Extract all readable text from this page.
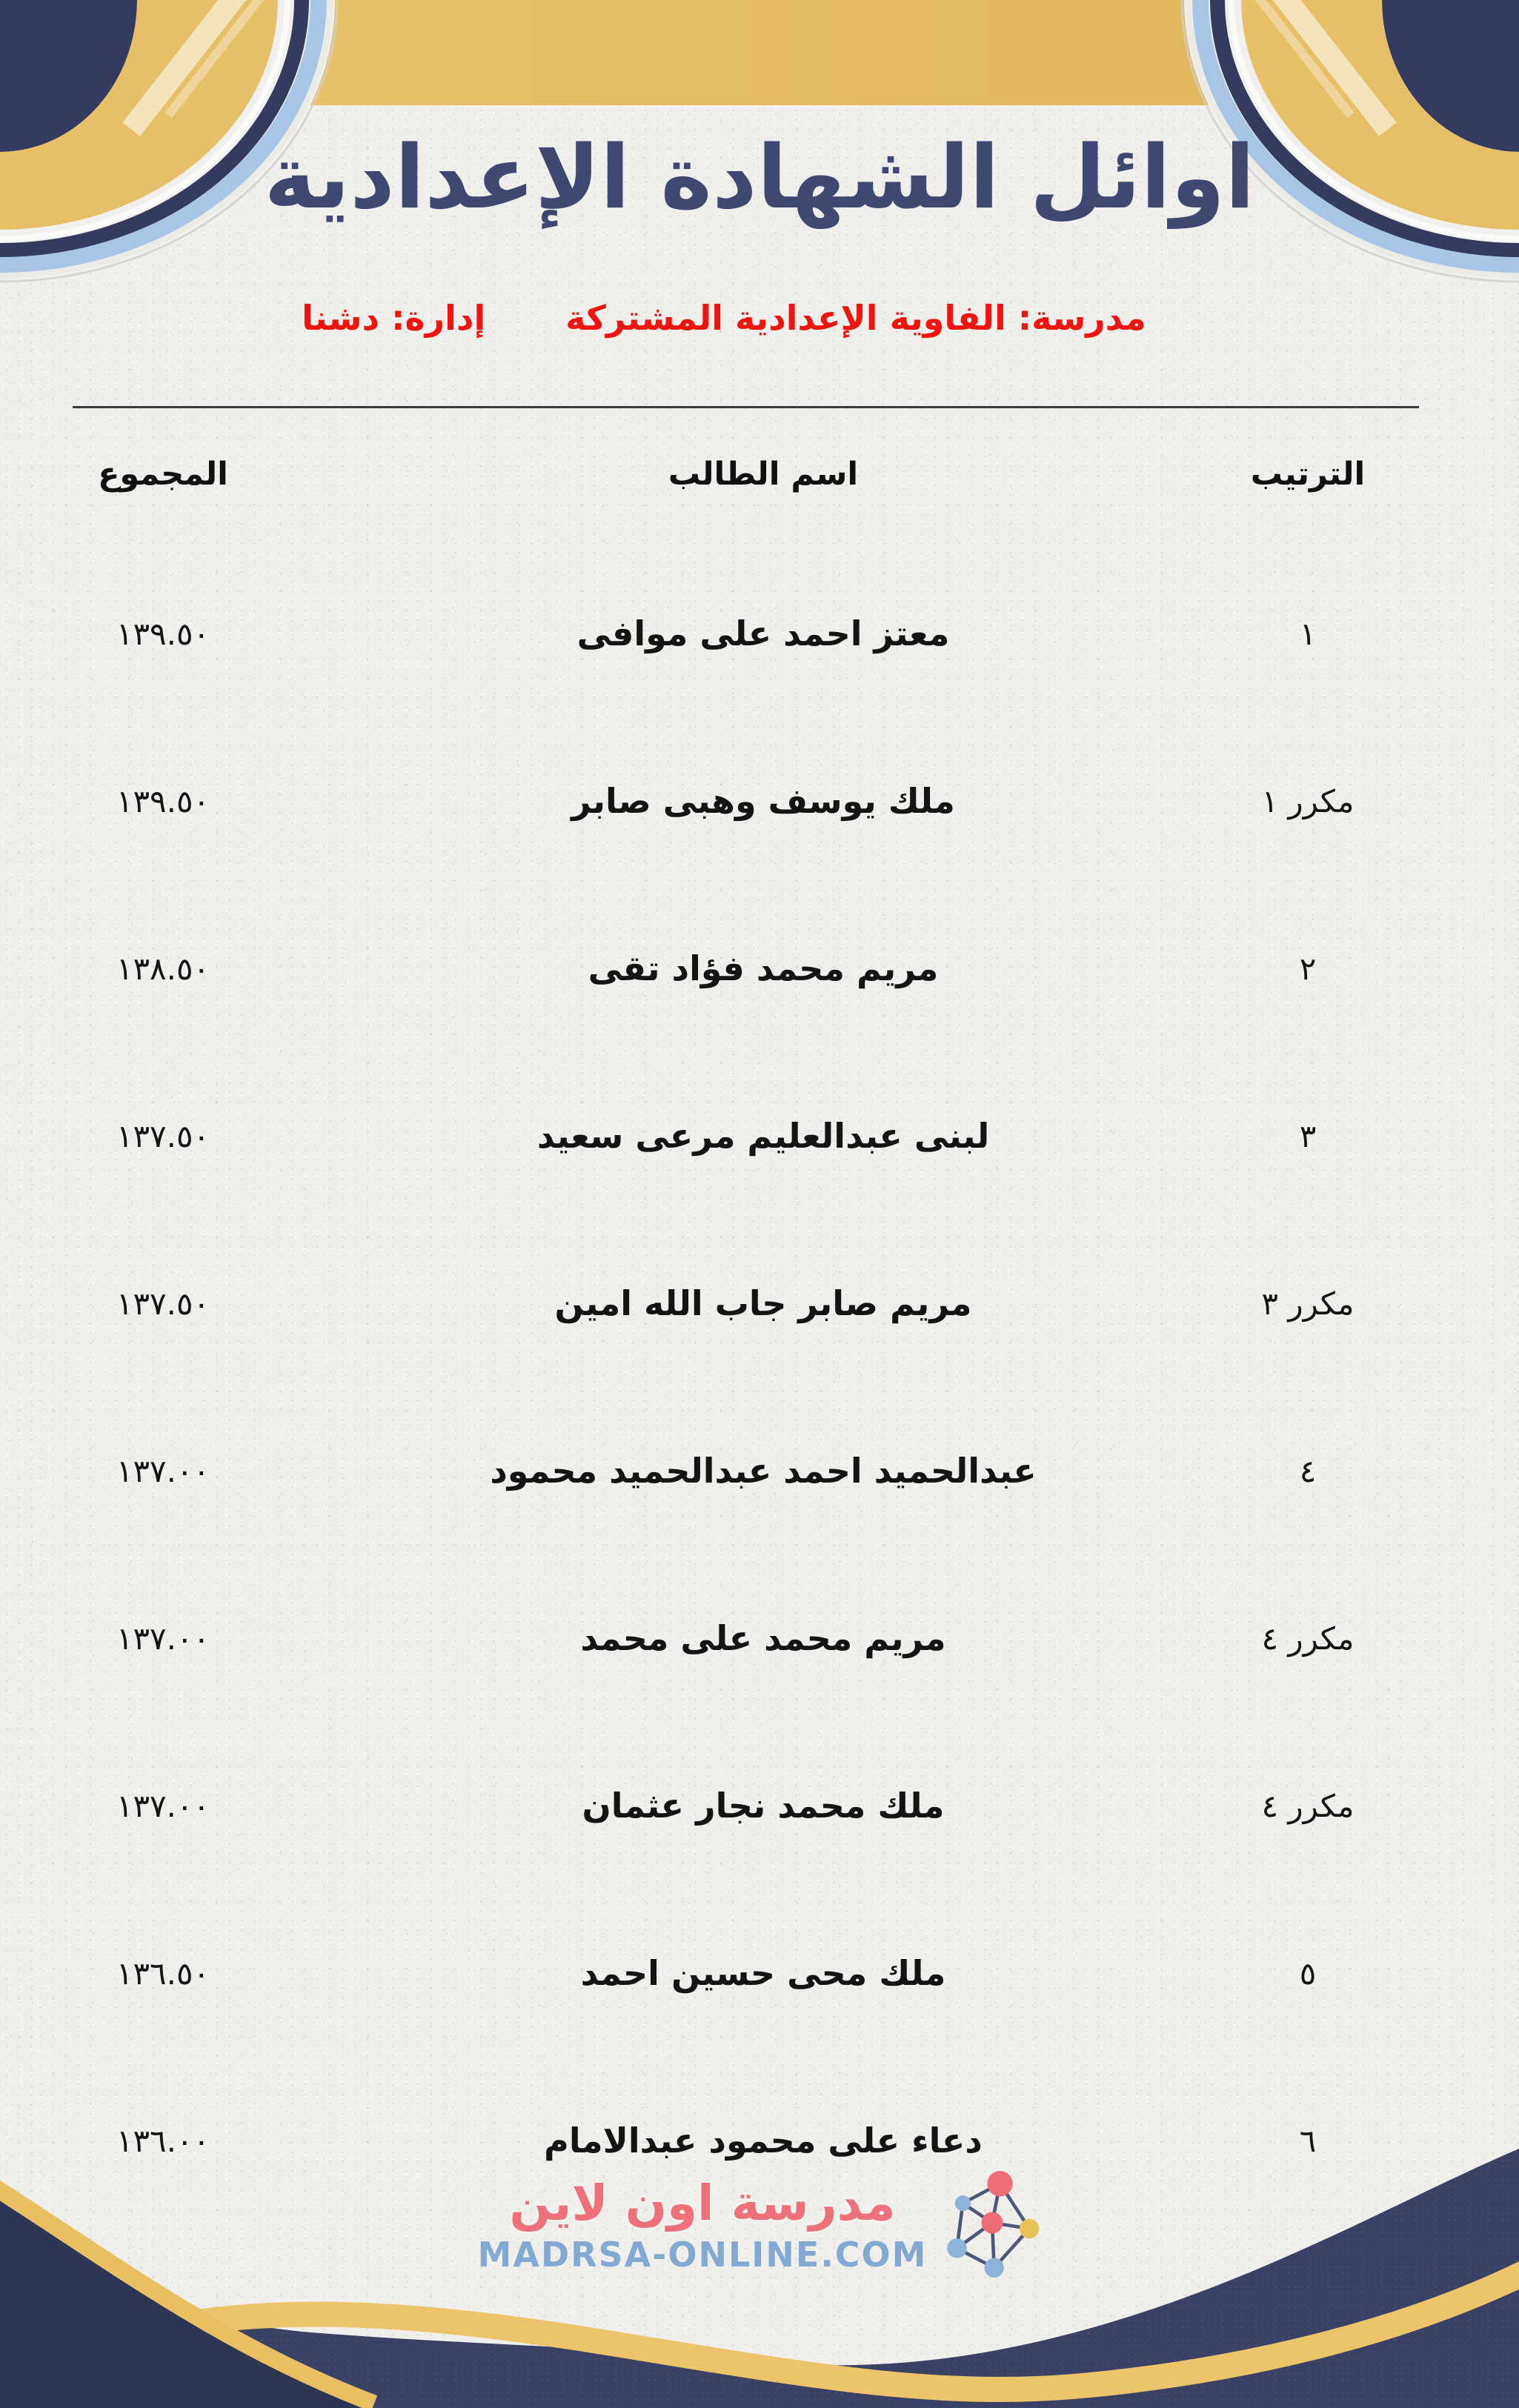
اوائل الشهادة الإعدادية
مدرسة: الفاوية الإعدادية المشتركة
إدارة: دشنا
الترتيب
اسم الطالب
المجموع
١
معتز احمد على موافى
١٣٩.٥٠
مكرر ١
ملك يوسف وهبى صابر
١٣٩.٥٠
٢
مريم محمد فؤاد تقى
١٣٨.٥٠
٣
لبنى عبدالعليم مرعى سعيد
١٣٧.٥٠
مكرر ٣
مريم صابر جاب الله امين
١٣٧.٥٠
٤
عبدالحميد احمد عبدالحميد محمود
١٣٧.٠٠
مكرر ٤
مريم محمد على محمد
١٣٧.٠٠
مكرر ٤
ملك محمد نجار عثمان
١٣٧.٠٠
٥
ملك محى حسين احمد
١٣٦.٥٠
٦
دعاء على محمود عبدالامام
١٣٦.٠٠
مدرسة اون لاين
MADRSA-ONLINE.COM
